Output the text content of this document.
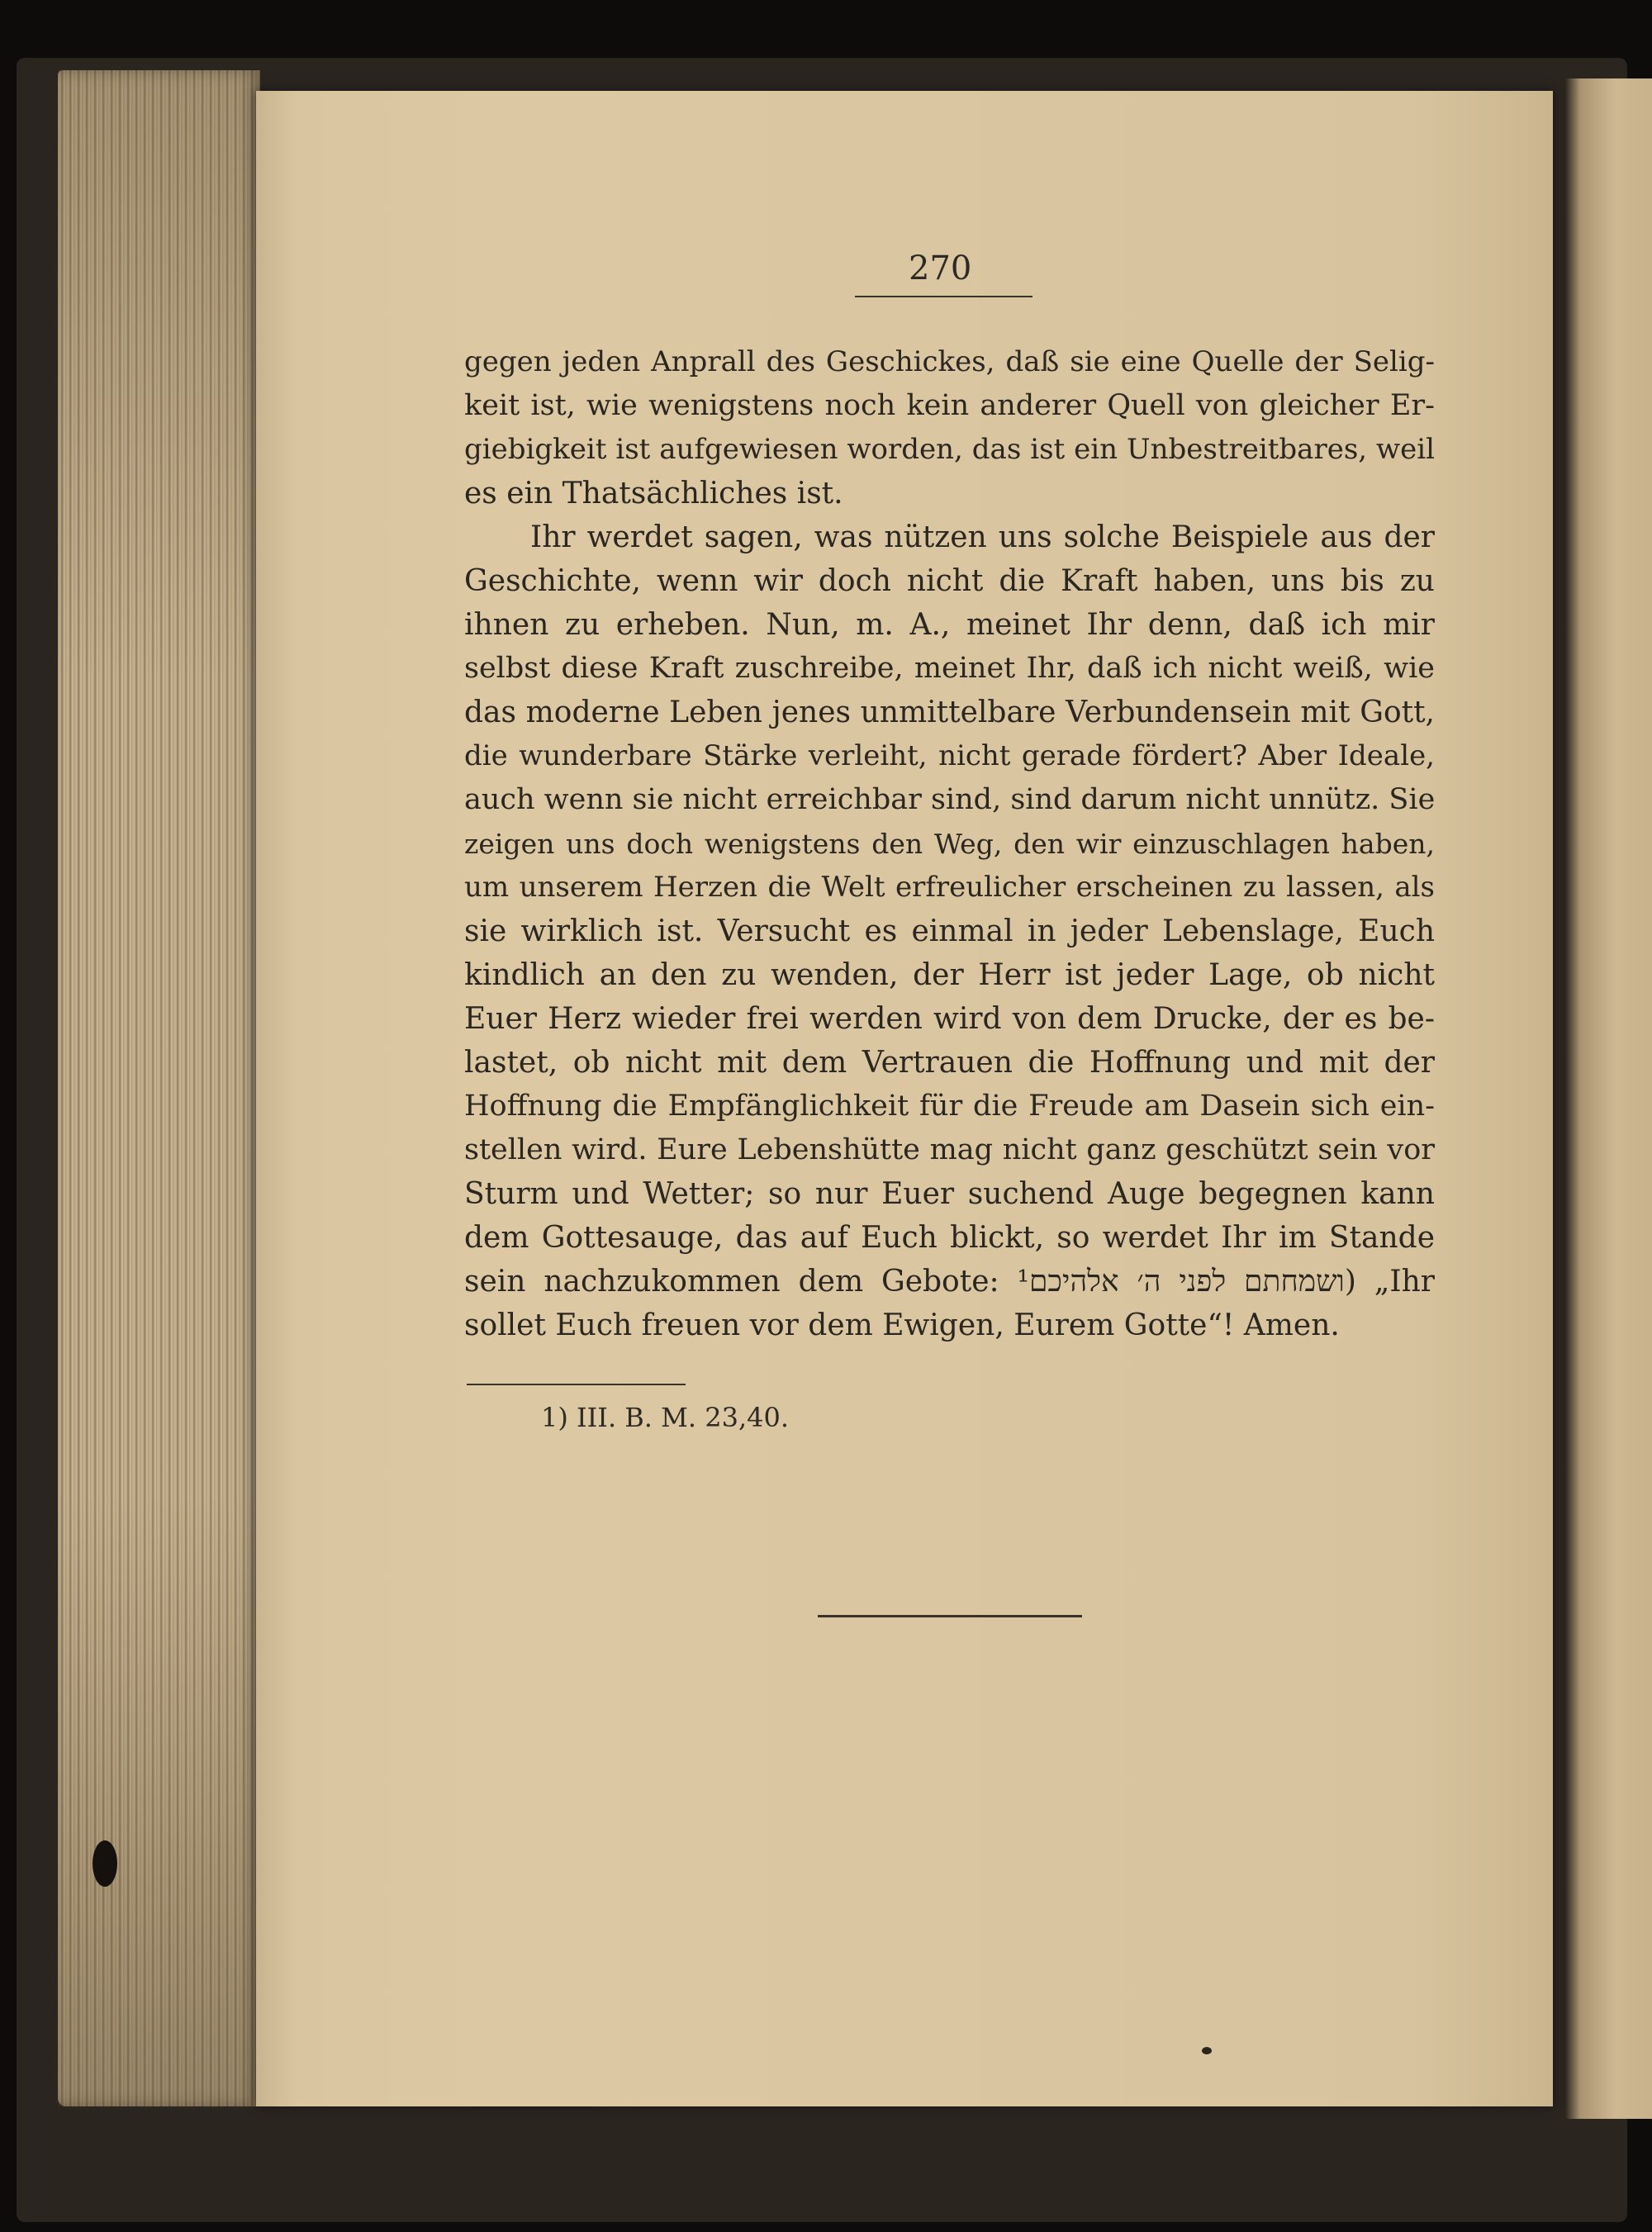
270
gegen jeden Anprall des Geschickes, daß sie eine Quelle der Selig-
keit ist, wie wenigstens noch kein anderer Quell von gleicher Er-
giebigkeit ist aufgewiesen worden, das ist ein Unbestreitbares, weil
es ein Thatsächliches ist.
Ihr werdet sagen, was nützen uns solche Beispiele aus der
Geschichte, wenn wir doch nicht die Kraft haben, uns bis zu
ihnen zu erheben. Nun, m. A., meinet Ihr denn, daß ich mir
selbst diese Kraft zuschreibe, meinet Ihr, daß ich nicht weiß, wie
das moderne Leben jenes unmittelbare Verbundensein mit Gott,
die wunderbare Stärke verleiht, nicht gerade fördert? Aber Ideale,
auch wenn sie nicht erreichbar sind, sind darum nicht unnütz. Sie
zeigen uns doch wenigstens den Weg, den wir einzuschlagen haben,
um unserem Herzen die Welt erfreulicher erscheinen zu lassen, als
sie wirklich ist. Versucht es einmal in jeder Lebenslage, Euch
kindlich an den zu wenden, der Herr ist jeder Lage, ob nicht
Euer Herz wieder frei werden wird von dem Drucke, der es be-
lastet, ob nicht mit dem Vertrauen die Hoffnung und mit der
Hoffnung die Empfänglichkeit für die Freude am Dasein sich ein-
stellen wird. Eure Lebenshütte mag nicht ganz geschützt sein vor
Sturm und Wetter; so nur Euer suchend Auge begegnen kann
dem Gottesauge, das auf Euch blickt, so werdet Ihr im Stande
sein nachzukommen dem Gebote: ושמחתם לפני ה׳ אלהיכם¹) „Ihr
sollet Euch freuen vor dem Ewigen, Eurem Gotte“! Amen.
1) III. B. M. 23,40.
